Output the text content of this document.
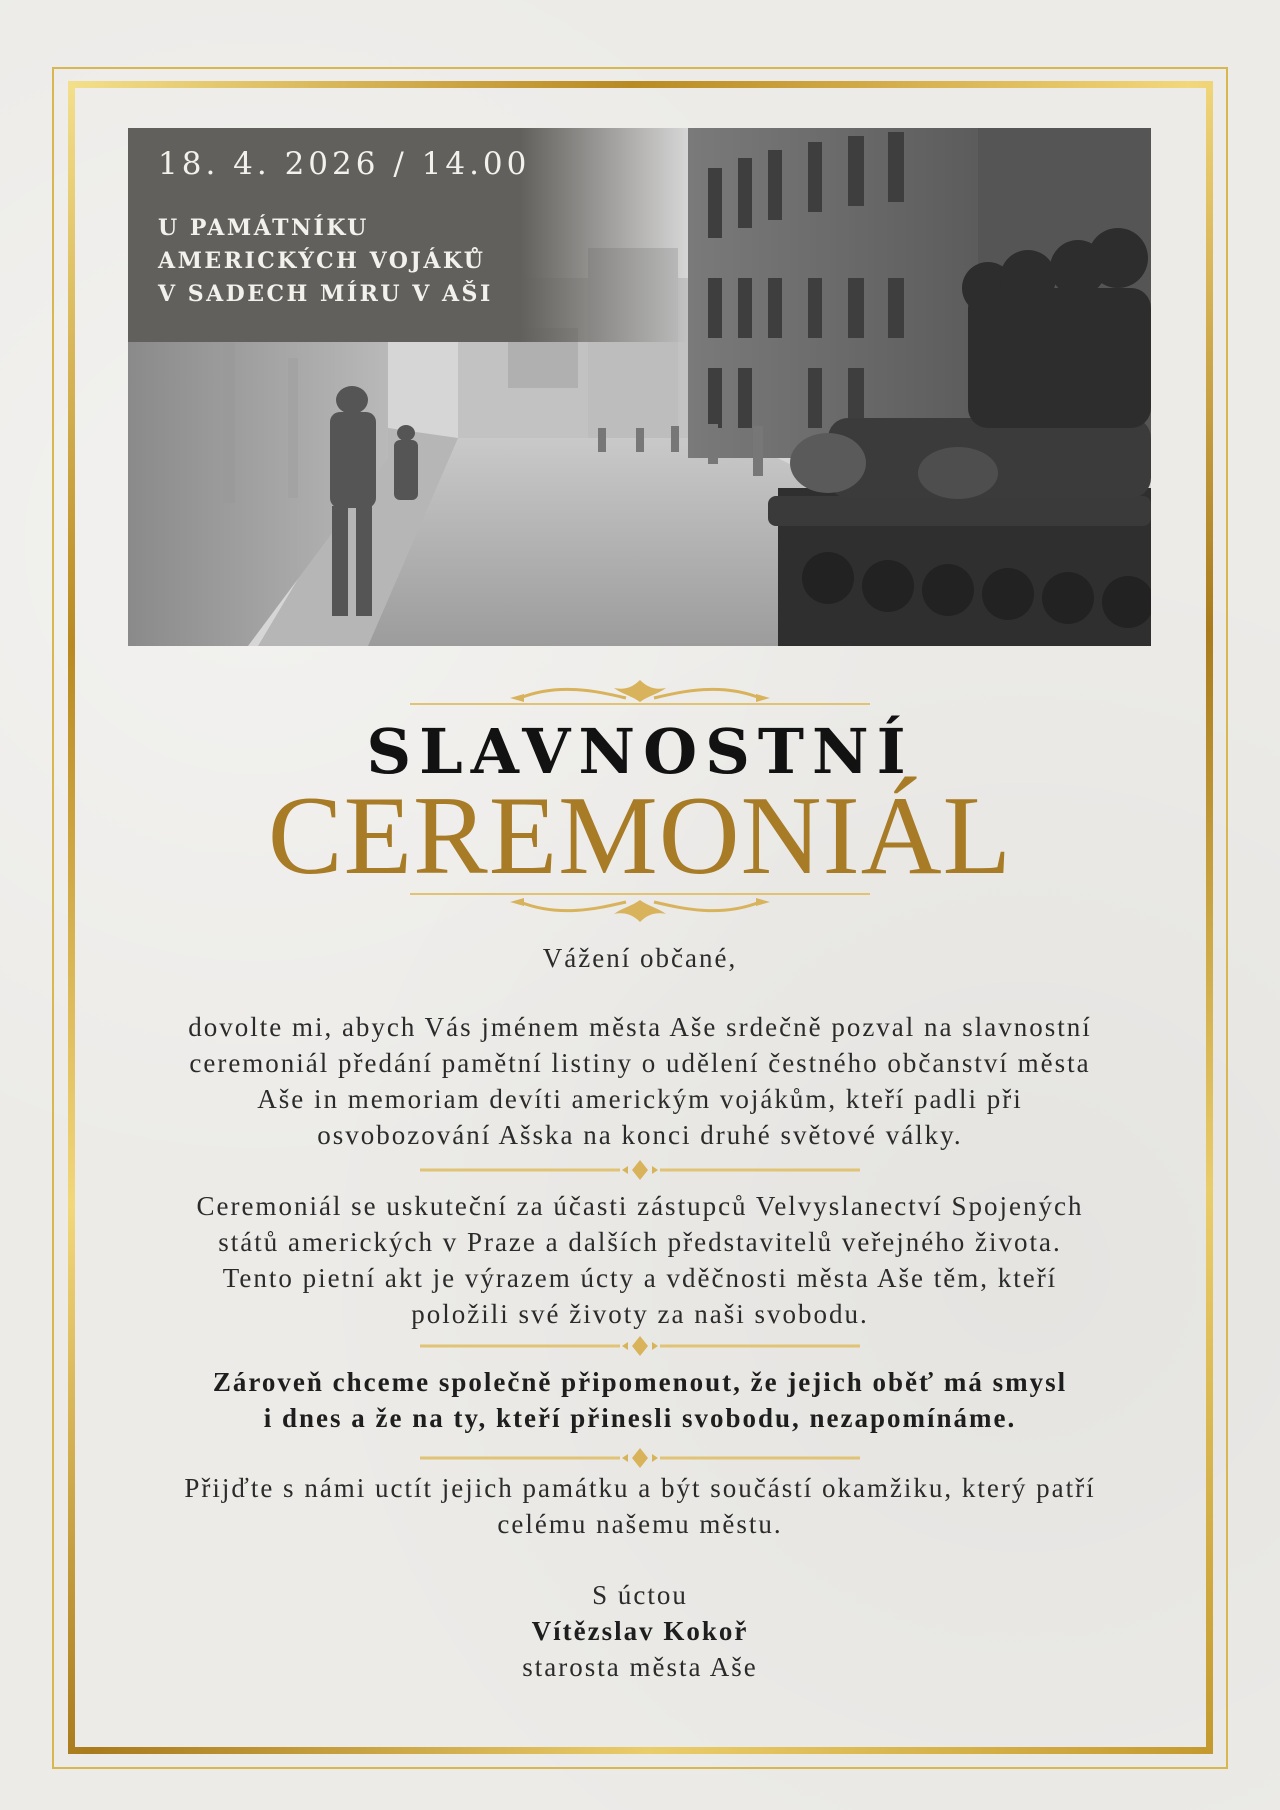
18. 4. 2026 / 14.00
U PAMÁTNÍKU
AMERICKÝCH VOJÁKŮ
V SADECH MÍRU V AŠI
SLAVNOSTNÍ
CEREMONIÁL
Vážení občané,
dovolte mi, abych Vás jménem města Aše srdečně pozval na slavnostní
ceremoniál předání pamětní listiny o udělení čestného občanství města
Aše in memoriam devíti americkým vojákům, kteří padli při
osvobozování Ašska na konci druhé světové války.
Ceremoniál se uskuteční za účasti zástupců Velvyslanectví Spojených
států amerických v Praze a dalších představitelů veřejného života.
Tento pietní akt je výrazem úcty a vděčnosti města Aše těm, kteří
položili své životy za naši svobodu.
Zároveň chceme společně připomenout, že jejich oběť má smysl
i dnes a že na ty, kteří přinesli svobodu, nezapomínáme.
Přijďte s námi uctít jejich památku a být součástí okamžiku, který patří
celému našemu městu.
S úctou
Vítězslav Kokoř
starosta města Aše
